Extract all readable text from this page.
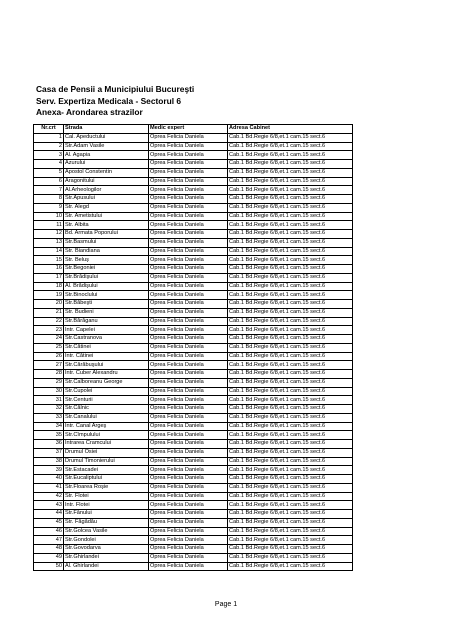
Casa de Pensii a Municipiului Bucureşti
Serv. Expertiza Medicala - Sectorul 6
Anexa- Arondarea strazilor
Nr.crt	Strada	Medic expert	Adresa Cabinet
1	Cal. Apeductului	Oprea Felicia Daniela	Cab.1 Bd.Regie 6/8,et.1 cam.15 sect.6
2	Str.Adam Vasile	Oprea Felicia Daniela	Cab.1 Bd.Regie 6/8,et.1 cam.15 sect.6
3	Al. Agapia	Oprea Felicia Daniela	Cab.1 Bd.Regie 6/8,et.1 cam.15 sect.6
4	Azurului	Oprea Felicia Daniela	Cab.1 Bd.Regie 6/8,et.1 cam.15 sect.6
5	Apostol Constentin	Oprea Felicia Daniela	Cab.1 Bd.Regie 6/8,et.1 cam.15 sect.6
6	Aragonitului	Oprea Felicia Daniela	Cab.1 Bd.Regie 6/8,et.1 cam.15 sect.6
7	Al.Arheologilor	Oprea Felicia Daniela	Cab.1 Bd.Regie 6/8,et.1 cam.15 sect.6
8	Str.Apusului	Oprea Felicia Daniela	Cab.1 Bd.Regie 6/8,et.1 cam.15 sect.6
9	Str. Alegd	Oprea Felicia Daniela	Cab.1 Bd.Regie 6/8,et.1 cam.15 sect.6
10	Str. Ametistului	Oprea Felicia Daniela	Cab.1 Bd.Regie 6/8,et.1 cam.15 sect.6
11	Str. Albita	Oprea Felicia Daniela	Cab.1 Bd.Regie 6/8,et.1 cam.15 sect.6
12	Bd. Armata Poporului	Oprea Felicia Daniela	Cab.1 Bd.Regie 6/8,et.1 cam.15 sect.6
13	Str.Basmului	Oprea Felicia Daniela	Cab.1 Bd.Regie 6/8,et.1 cam.15 sect.6
14	Str. Biandiana	Oprea Felicia Daniela	Cab.1 Bd.Regie 6/8,et.1 cam.15 sect.6
15	Str. Beluş	Oprea Felicia Daniela	Cab.1 Bd.Regie 6/8,et.1 cam.15 sect.6
16	Str.Begoniei	Oprea Felicia Daniela	Cab.1 Bd.Regie 6/8,et.1 cam.15 sect.6
17	Str.Brădişului	Oprea Felicia Daniela	Cab.1 Bd.Regie 6/8,et.1 cam.15 sect.6
18	Al. Brădişului	Oprea Felicia Daniela	Cab.1 Bd.Regie 6/8,et.1 cam.15 sect.6
19	Str.Binoclului	Oprea Felicia Daniela	Cab.1 Bd.Regie 6/8,et.1 cam.15 sect.6
20	Str.Băbeşti	Oprea Felicia Daniela	Cab.1 Bd.Regie 6/8,et.1 cam.15 sect.6
21	Str. Budieni	Oprea Felicia Daniela	Cab.1 Bd.Regie 6/8,et.1 cam.15 sect.6
22	Str.Bărăganu	Oprea Felicia Daniela	Cab.1 Bd.Regie 6/8,et.1 cam.15 sect.6
23	Intr. Capelei	Oprea Felicia Daniela	Cab.1 Bd.Regie 6/8,et.1 cam.15 sect.6
24	Str.Castranova	Oprea Felicia Daniela	Cab.1 Bd.Regie 6/8,et.1 cam.15 sect.6
25	Str.Cătinei	Oprea Felicia Daniela	Cab.1 Bd.Regie 6/8,et.1 cam.15 sect.6
26	Intr. Cătinei	Oprea Felicia Daniela	Cab.1 Bd.Regie 6/8,et.1 cam.15 sect.6
27	Str.Cărăbuşului	Oprea Felicia Daniela	Cab.1 Bd.Regie 6/8,et.1 cam.15 sect.6
28	Intr. Cuber Alexandru	Oprea Felicia Daniela	Cab.1 Bd.Regie 6/8,et.1 cam.15 sect.6
29	Str.Calboreanu George	Oprea Felicia Daniela	Cab.1 Bd.Regie 6/8,et.1 cam.15 sect.6
30	Str.Cupolei	Oprea Felicia Daniela	Cab.1 Bd.Regie 6/8,et.1 cam.15 sect.6
31	Str.Centurii	Oprea Felicia Daniela	Cab.1 Bd.Regie 6/8,et.1 cam.15 sect.6
32	Str.Călnic	Oprea Felicia Daniela	Cab.1 Bd.Regie 6/8,et.1 cam.15 sect.6
33	Str.Canalului	Oprea Felicia Daniela	Cab.1 Bd.Regie 6/8,et.1 cam.15 sect.6
34	Intr. Canal Argeş	Oprea Felicia Daniela	Cab.1 Bd.Regie 6/8,et.1 cam.15 sect.6
35	Str.Cîmpulului	Oprea Felicia Daniela	Cab.1 Bd.Regie 6/8,et.1 cam.15 sect.6
36	Intrarea Cramcului	Oprea Felicia Daniela	Cab.1 Bd.Regie 6/8,et.1 cam.15 sect.6
37	Drumul Osiei	Oprea Felicia Daniela	Cab.1 Bd.Regie 6/8,et.1 cam.15 sect.6
38	Drumul Timonierului	Oprea Felicia Daniela	Cab.1 Bd.Regie 6/8,et.1 cam.15 sect.6
39	Str.Estacadei	Oprea Felicia Daniela	Cab.1 Bd.Regie 6/8,et.1 cam.15 sect.6
40	Str.Eucaliptului	Oprea Felicia Daniela	Cab.1 Bd.Regie 6/8,et.1 cam.15 sect.6
41	Str.Floarea Roşie	Oprea Felicia Daniela	Cab.1 Bd.Regie 6/8,et.1 cam.15 sect.6
42	Str. Flotei	Oprea Felicia Daniela	Cab.1 Bd.Regie 6/8,et.1 cam.15 sect.6
43	Intr. Flotei	Oprea Felicia Daniela	Cab.1 Bd.Regie 6/8,et.1 cam.15 sect.6
44	Str.Fânului	Oprea Felicia Daniela	Cab.1 Bd.Regie 6/8,et.1 cam.15 sect.6
45	Str. Făgădău	Oprea Felicia Daniela	Cab.1 Bd.Regie 6/8,et.1 cam.15 sect.6
46	Str.Golcea Vasile	Oprea Felicia Daniela	Cab.1 Bd.Regie 6/8,et.1 cam.15 sect.6
47	Str.Gondolei	Oprea Felicia Daniela	Cab.1 Bd.Regie 6/8,et.1 cam.15 sect.6
48	Str.Govodarva	Oprea Felicia Daniela	Cab.1 Bd.Regie 6/8,et.1 cam.15 sect.6
49	Str.Ghirlandei	Oprea Felicia Daniela	Cab.1 Bd.Regie 6/8,et.1 cam.15 sect.6
50	Al. Ghirlandei	Oprea Felicia Daniela	Cab.1 Bd.Regie 6/8,et.1 cam.15 sect.6
Page 1
